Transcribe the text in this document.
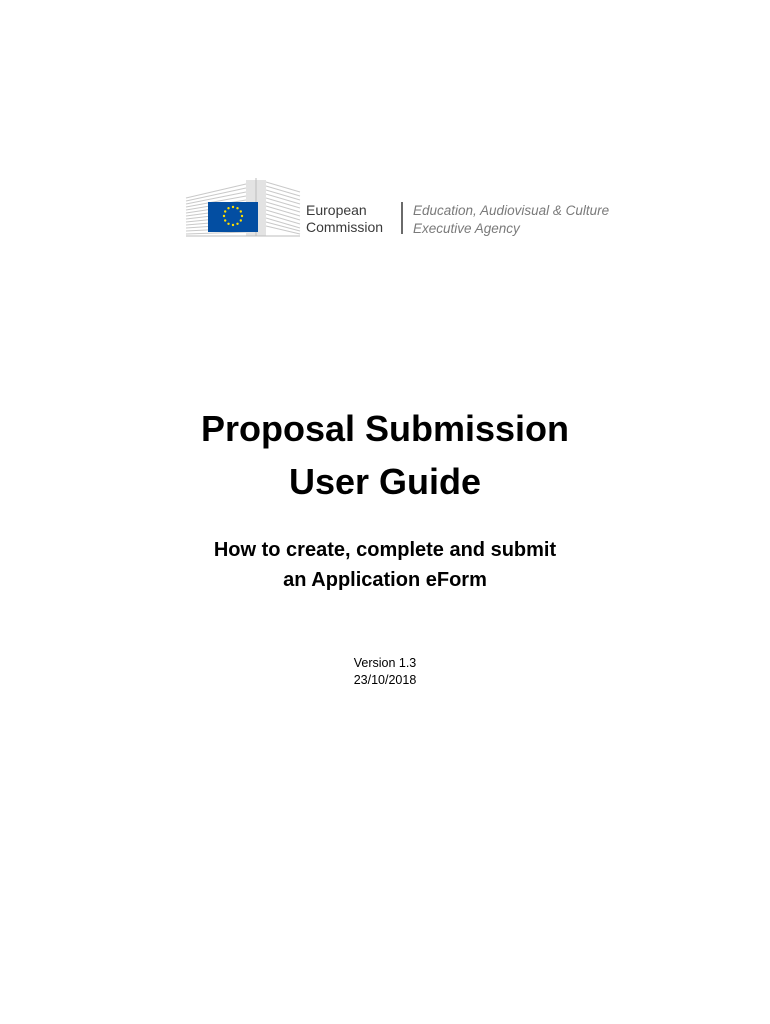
European
Commission
Education, Audiovisual & Culture
Executive Agency
Proposal Submission
User Guide
How to create, complete and submit
an Application eForm
Version 1.3
23/10/2018
